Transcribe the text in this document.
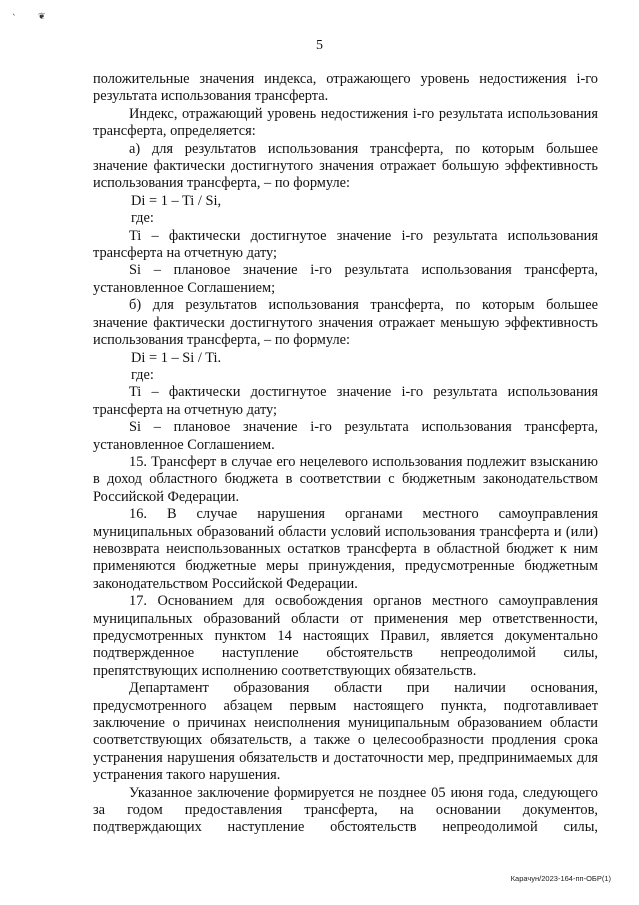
` ❦
5

положительные значения индекса, отражающего уровень недостижения i-го результата использования трансферта.

Индекс, отражающий уровень недостижения i-го результата использования трансферта, определяется:

а) для результатов использования трансферта, по которым большее значение фактически достигнутого значения отражает большую эффективность использования трансферта, – по формуле:

Di = 1 – Ti / Si,

где:

Ti – фактически достигнутое значение i-го результата использования трансферта на отчетную дату;

Si – плановое значение i-го результата использования трансферта, установленное Соглашением;

б) для результатов использования трансферта, по которым большее значение фактически достигнутого значения отражает меньшую эффективность использования трансферта, – по формуле:

Di = 1 – Si / Ti.

где:

Ti – фактически достигнутое значение i-го результата использования трансферта на отчетную дату;

Si – плановое значение i-го результата использования трансферта, установленное Соглашением.

15. Трансферт в случае его нецелевого использования подлежит взысканию в доход областного бюджета в соответствии с бюджетным законодательством Российской Федерации.

16. В случае нарушения органами местного самоуправления муниципальных образований области условий использования трансферта и (или) невозврата неиспользованных остатков трансферта в областной бюджет к ним применяются бюджетные меры принуждения, предусмотренные бюджетным законодательством Российской Федерации.

17. Основанием для освобождения органов местного самоуправления муниципальных образований области от применения мер ответственности, предусмотренных пунктом 14 настоящих Правил, является документально подтвержденное наступление обстоятельств непреодолимой силы, препятствующих исполнению соответствующих обязательств.

Департамент образования области при наличии основания, предусмотренного абзацем первым настоящего пункта, подготавливает заключение о причинах неисполнения муниципальным образованием области соответствующих обязательств, а также о целесообразности продления срока устранения нарушения обязательств и достаточности мер, предпринимаемых для устранения такого нарушения.

Указанное заключение формируется не позднее 05 июня года, следующего за годом предоставления трансферта, на основании документов, подтверждающих наступление обстоятельств непреодолимой силы,

Карачун/2023-164-пп-ОБР(1)
